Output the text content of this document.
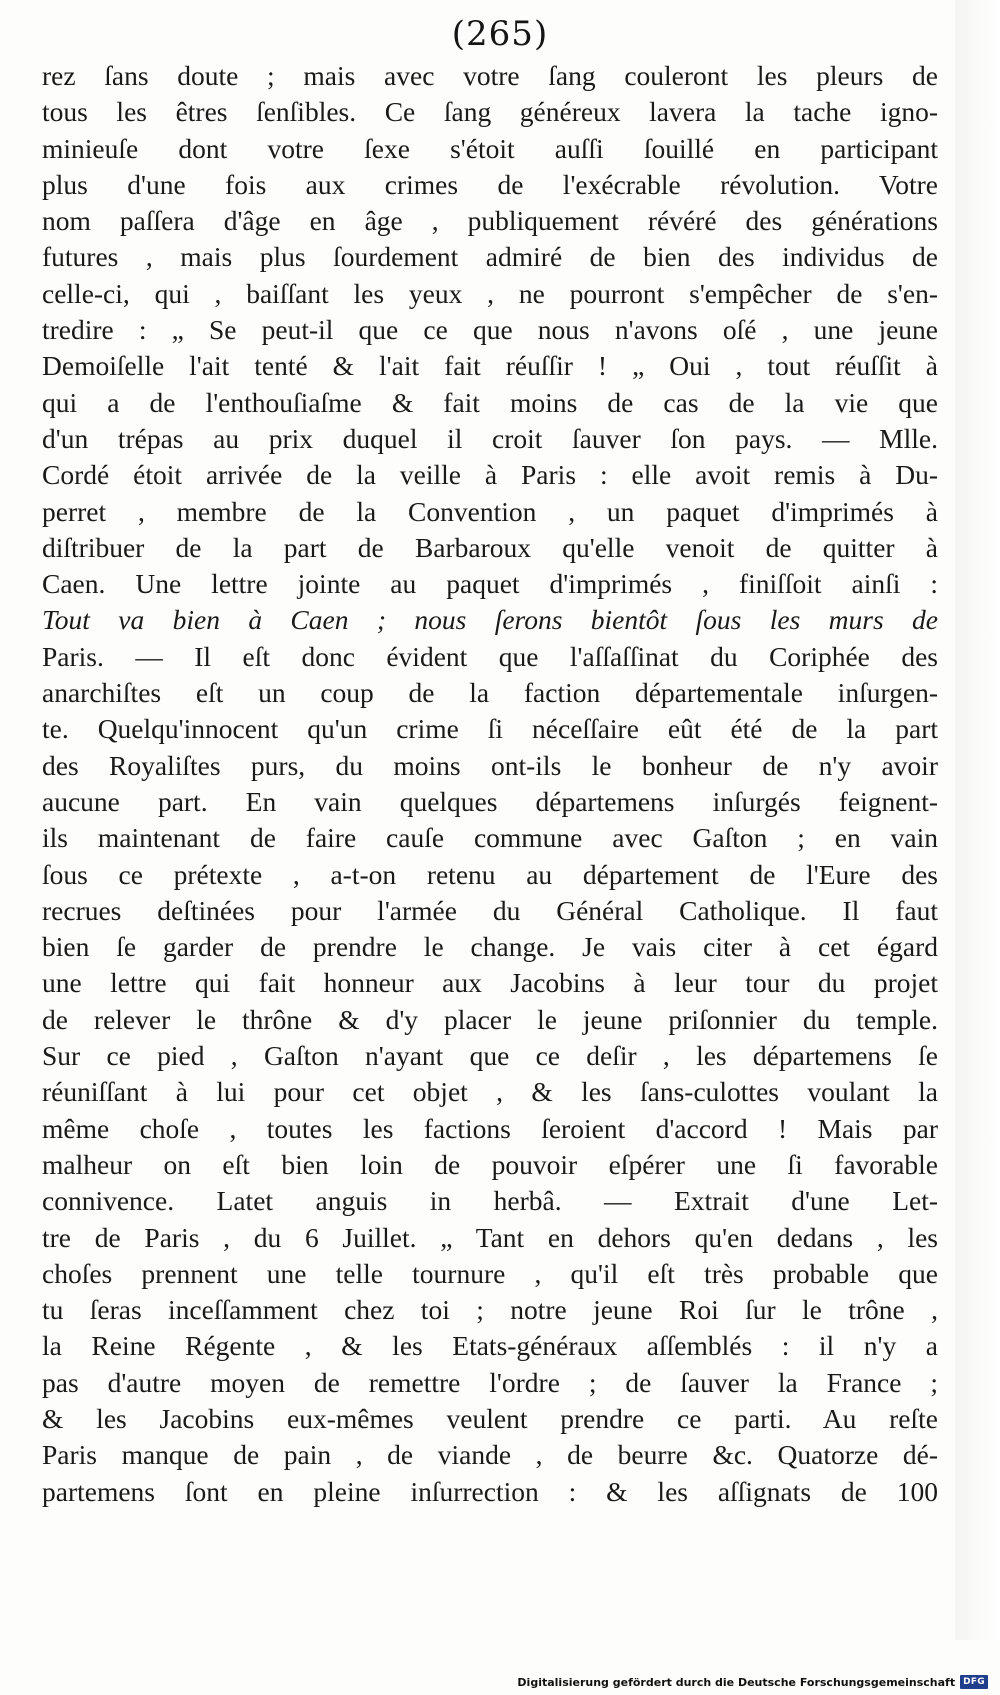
(265)
rez ſans doute ; mais avec votre ſang couleront les pleurs de
tous les êtres ſenſibles. Ce ſang généreux lavera la tache igno-
minieuſe dont votre ſexe s'étoit auſſi ſouillé en participant
plus d'une fois aux crimes de l'exécrable révolution. Votre
nom paſſera d'âge en âge , publiquement révéré des générations
futures , mais plus ſourdement admiré de bien des individus de
celle-ci, qui , baiſſant les yeux , ne pourront s'empêcher de s'en-
tredire : „ Se peut-il que ce que nous n'avons oſé , une jeune
Demoiſelle l'ait tenté & l'ait fait réuſſir ! „ Oui , tout réuſſit à
qui a de l'enthouſiaſme & fait moins de cas de la vie que
d'un trépas au prix duquel il croit ſauver ſon pays. — Mlle.
Cordé étoit arrivée de la veille à Paris : elle avoit remis à Du-
perret , membre de la Convention , un paquet d'imprimés à
diſtribuer de la part de Barbaroux qu'elle venoit de quitter à
Caen. Une lettre jointe au paquet d'imprimés , finiſſoit ainſi :
Tout va bien à Caen ; nous ſerons bientôt ſous les murs de
Paris. — Il eſt donc évident que l'aſſaſſinat du Coriphée des
anarchiſtes eſt un coup de la faction départementale inſurgen-
te. Quelqu'innocent qu'un crime ſi néceſſaire eût été de la part
des Royaliſtes purs, du moins ont-ils le bonheur de n'y avoir
aucune part. En vain quelques départemens inſurgés feignent-
ils maintenant de faire cauſe commune avec Gaſton ; en vain
ſous ce prétexte , a-t-on retenu au département de l'Eure des
recrues deſtinées pour l'armée du Général Catholique. Il faut
bien ſe garder de prendre le change. Je vais citer à cet égard
une lettre qui fait honneur aux Jacobins à leur tour du projet
de relever le thrône & d'y placer le jeune priſonnier du temple.
Sur ce pied , Gaſton n'ayant que ce deſir , les départemens ſe
réuniſſant à lui pour cet objet , & les ſans-culottes voulant la
même choſe , toutes les factions ſeroient d'accord ! Mais par
malheur on eſt bien loin de pouvoir eſpérer une ſi favorable
connivence. Latet anguis in herbâ. — Extrait d'une Let-
tre de Paris , du 6 Juillet. „ Tant en dehors qu'en dedans , les
choſes prennent une telle tournure , qu'il eſt très probable que
tu ſeras inceſſamment chez toi ; notre jeune Roi ſur le trône ,
la Reine Régente , & les Etats-généraux aſſemblés : il n'y a
pas d'autre moyen de remettre l'ordre ; de ſauver la France ;
& les Jacobins eux-mêmes veulent prendre ce parti. Au reſte
Paris manque de pain , de viande , de beurre &c. Quatorze dé-
partemens ſont en pleine inſurrection : & les aſſignats de 100
Digitalisierung gefördert durch die Deutsche Forschungsgemeinschaft DFG
